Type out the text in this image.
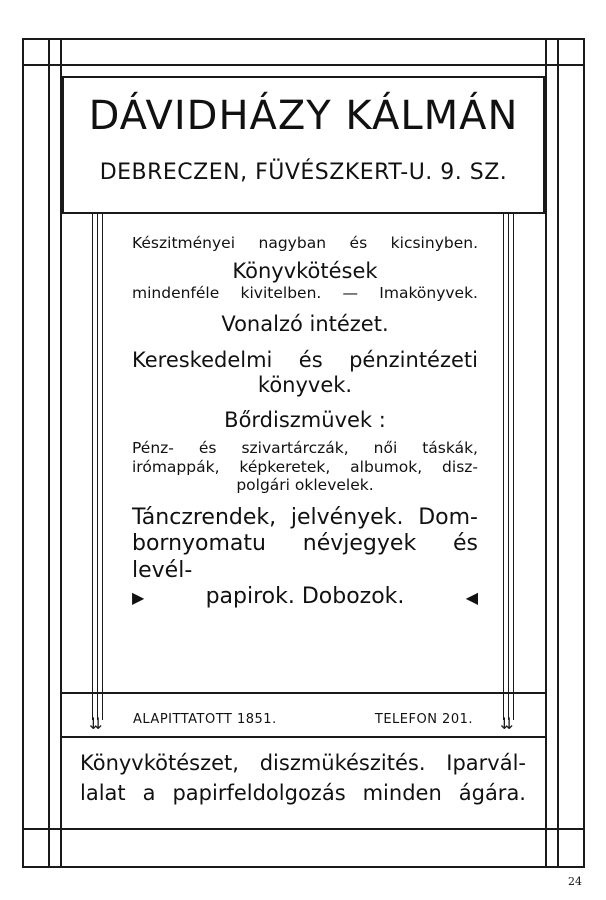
⇊	⇊
DÁVIDHÁZY KÁLMÁN
DEBRECZEN, FÜVÉSZKERT-U. 9. SZ.

Készitményei nagyban és kicsinyben.

Könyvkötések

mindenféle kivitelben. — Imakönyvek.

Vonalzó intézet.

Kereskedelmi és pénzintézeti

könyvek.

Bőrdiszmüvek :

Pénz- és szivartárczák, női táskák,

irómappák, képkeretek, albumok, disz-

polgári oklevelek.

Tánczrendek, jelvények. Dom-

bornyomatu névjegyek és levél-

▶	papirok. Dobozok.	◀
ALAPITTATOTT 1851.	TELEFON 201.

Könyvkötészet, diszmükészités. Iparvál-

lalat a papirfeldolgozás minden ágára.

24
